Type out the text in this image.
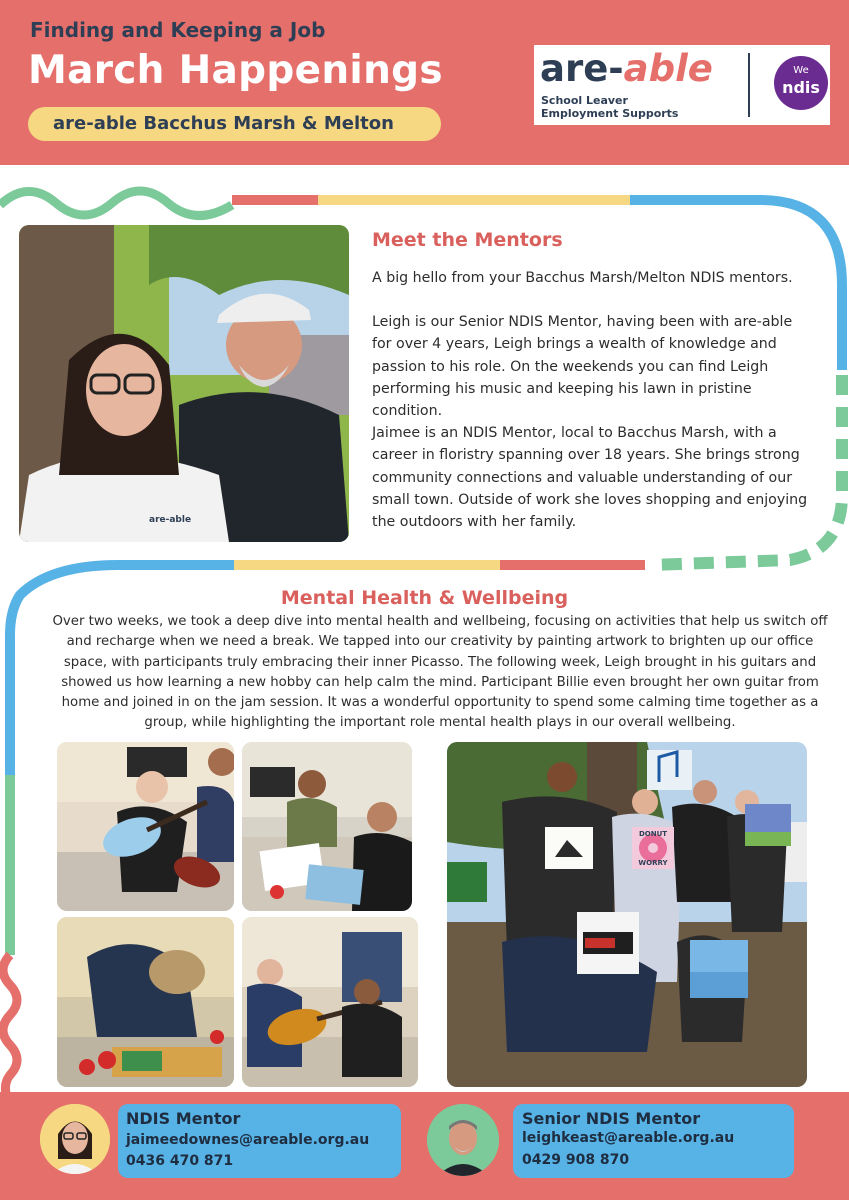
Finding and Keeping a Job
March Happenings
are-able Bacchus Marsh & Melton
are-able
School Leaver
Employment Supports
We
ndis
are-able
Meet the Mentors
A big hello from your Bacchus Marsh/Melton NDIS mentors.
Leigh is our Senior NDIS Mentor, having been with are-able for over 4 years, Leigh brings a wealth of knowledge and passion to his role. On the weekends you can find Leigh performing his music and keeping his lawn in pristine condition.
Jaimee is an NDIS Mentor, local to Bacchus Marsh, with a career in floristry spanning over 18 years. She brings strong community connections and valuable understanding of our small town. Outside of work she loves shopping and enjoying the outdoors with her family.
Mental Health & Wellbeing
Over two weeks, we took a deep dive into mental health and wellbeing, focusing on activities that help us switch off and recharge when we need a break. We tapped into our creativity by painting artwork to brighten up our office space, with participants truly embracing their inner Picasso. The following week, Leigh brought in his guitars and showed us how learning a new hobby can help calm the mind. Participant Billie even brought her own guitar from home and joined in on the jam session. It was a wonderful opportunity to spend some calming time together as a group, while highlighting the important role mental health plays in our overall wellbeing.
DONUT
WORRY
NDIS Mentor
jaimeedownes@areable.org.au
0436 470 871
Senior NDIS Mentor
leighkeast@areable.org.au
0429 908 870
